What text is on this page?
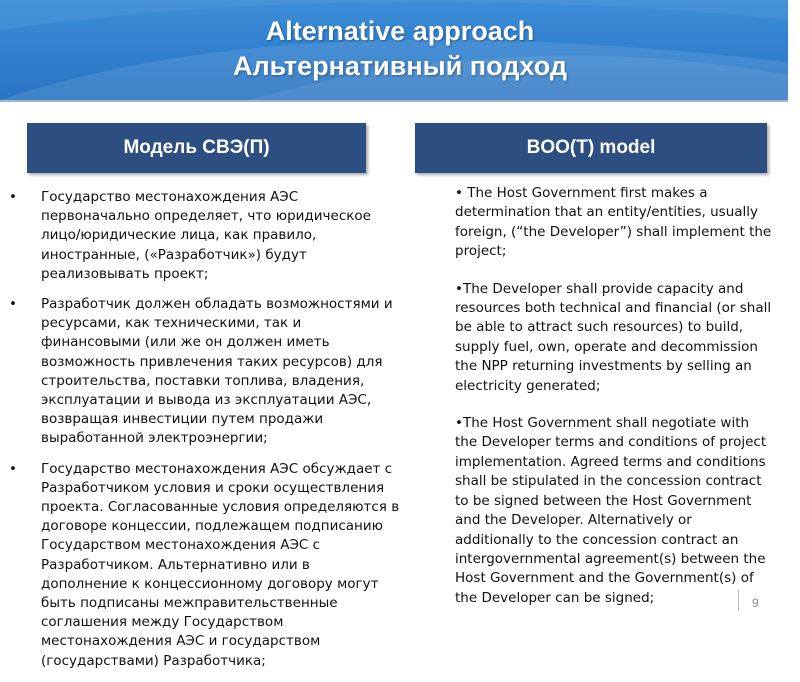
Alternative approach
Альтернативный подход
Модель СВЭ(П)	BOO(T) model
• Государство местонахождения АЭС первоначально определяет, что юридическое лицо/юридические лица, как правило, иностранные, («Разработчик») будут реализовывать проект;
• Разработчик должен обладать возможностями и ресурсами, как техническими, так и финансовыми (или же он должен иметь возможность привлечения таких ресурсов) для строительства, поставки топлива, владения, эксплуатации и вывода из эксплуатации АЭС, возвращая инвестиции путем продажи выработанной электроэнергии;
• Государство местонахождения АЭС обсуждает с Разработчиком условия и сроки осуществления проекта. Согласованные условия определяются в договоре концессии, подлежащем подписанию Государством местонахождения АЭС с Разработчиком. Альтернативно или в дополнение к концессионному договору могут быть подписаны межправительственные соглашения между Государством местонахождения АЭС и государством (государствами) Разработчика;
• The Host Government first makes a determination that an entity/entities, usually foreign, (“the Developer”) shall implement the project;
•The Developer shall provide capacity and resources both technical and financial (or shall be able to attract such resources) to build, supply fuel, own, operate and decommission the NPP returning investments by selling an electricity generated;
•The Host Government shall negotiate with the Developer terms and conditions of project implementation. Agreed terms and conditions shall be stipulated in the concession contract to be signed between the Host Government and the Developer. Alternatively or additionally to the concession contract an intergovernmental agreement(s) between the Host Government and the Government(s) of the Developer can be signed;	9
